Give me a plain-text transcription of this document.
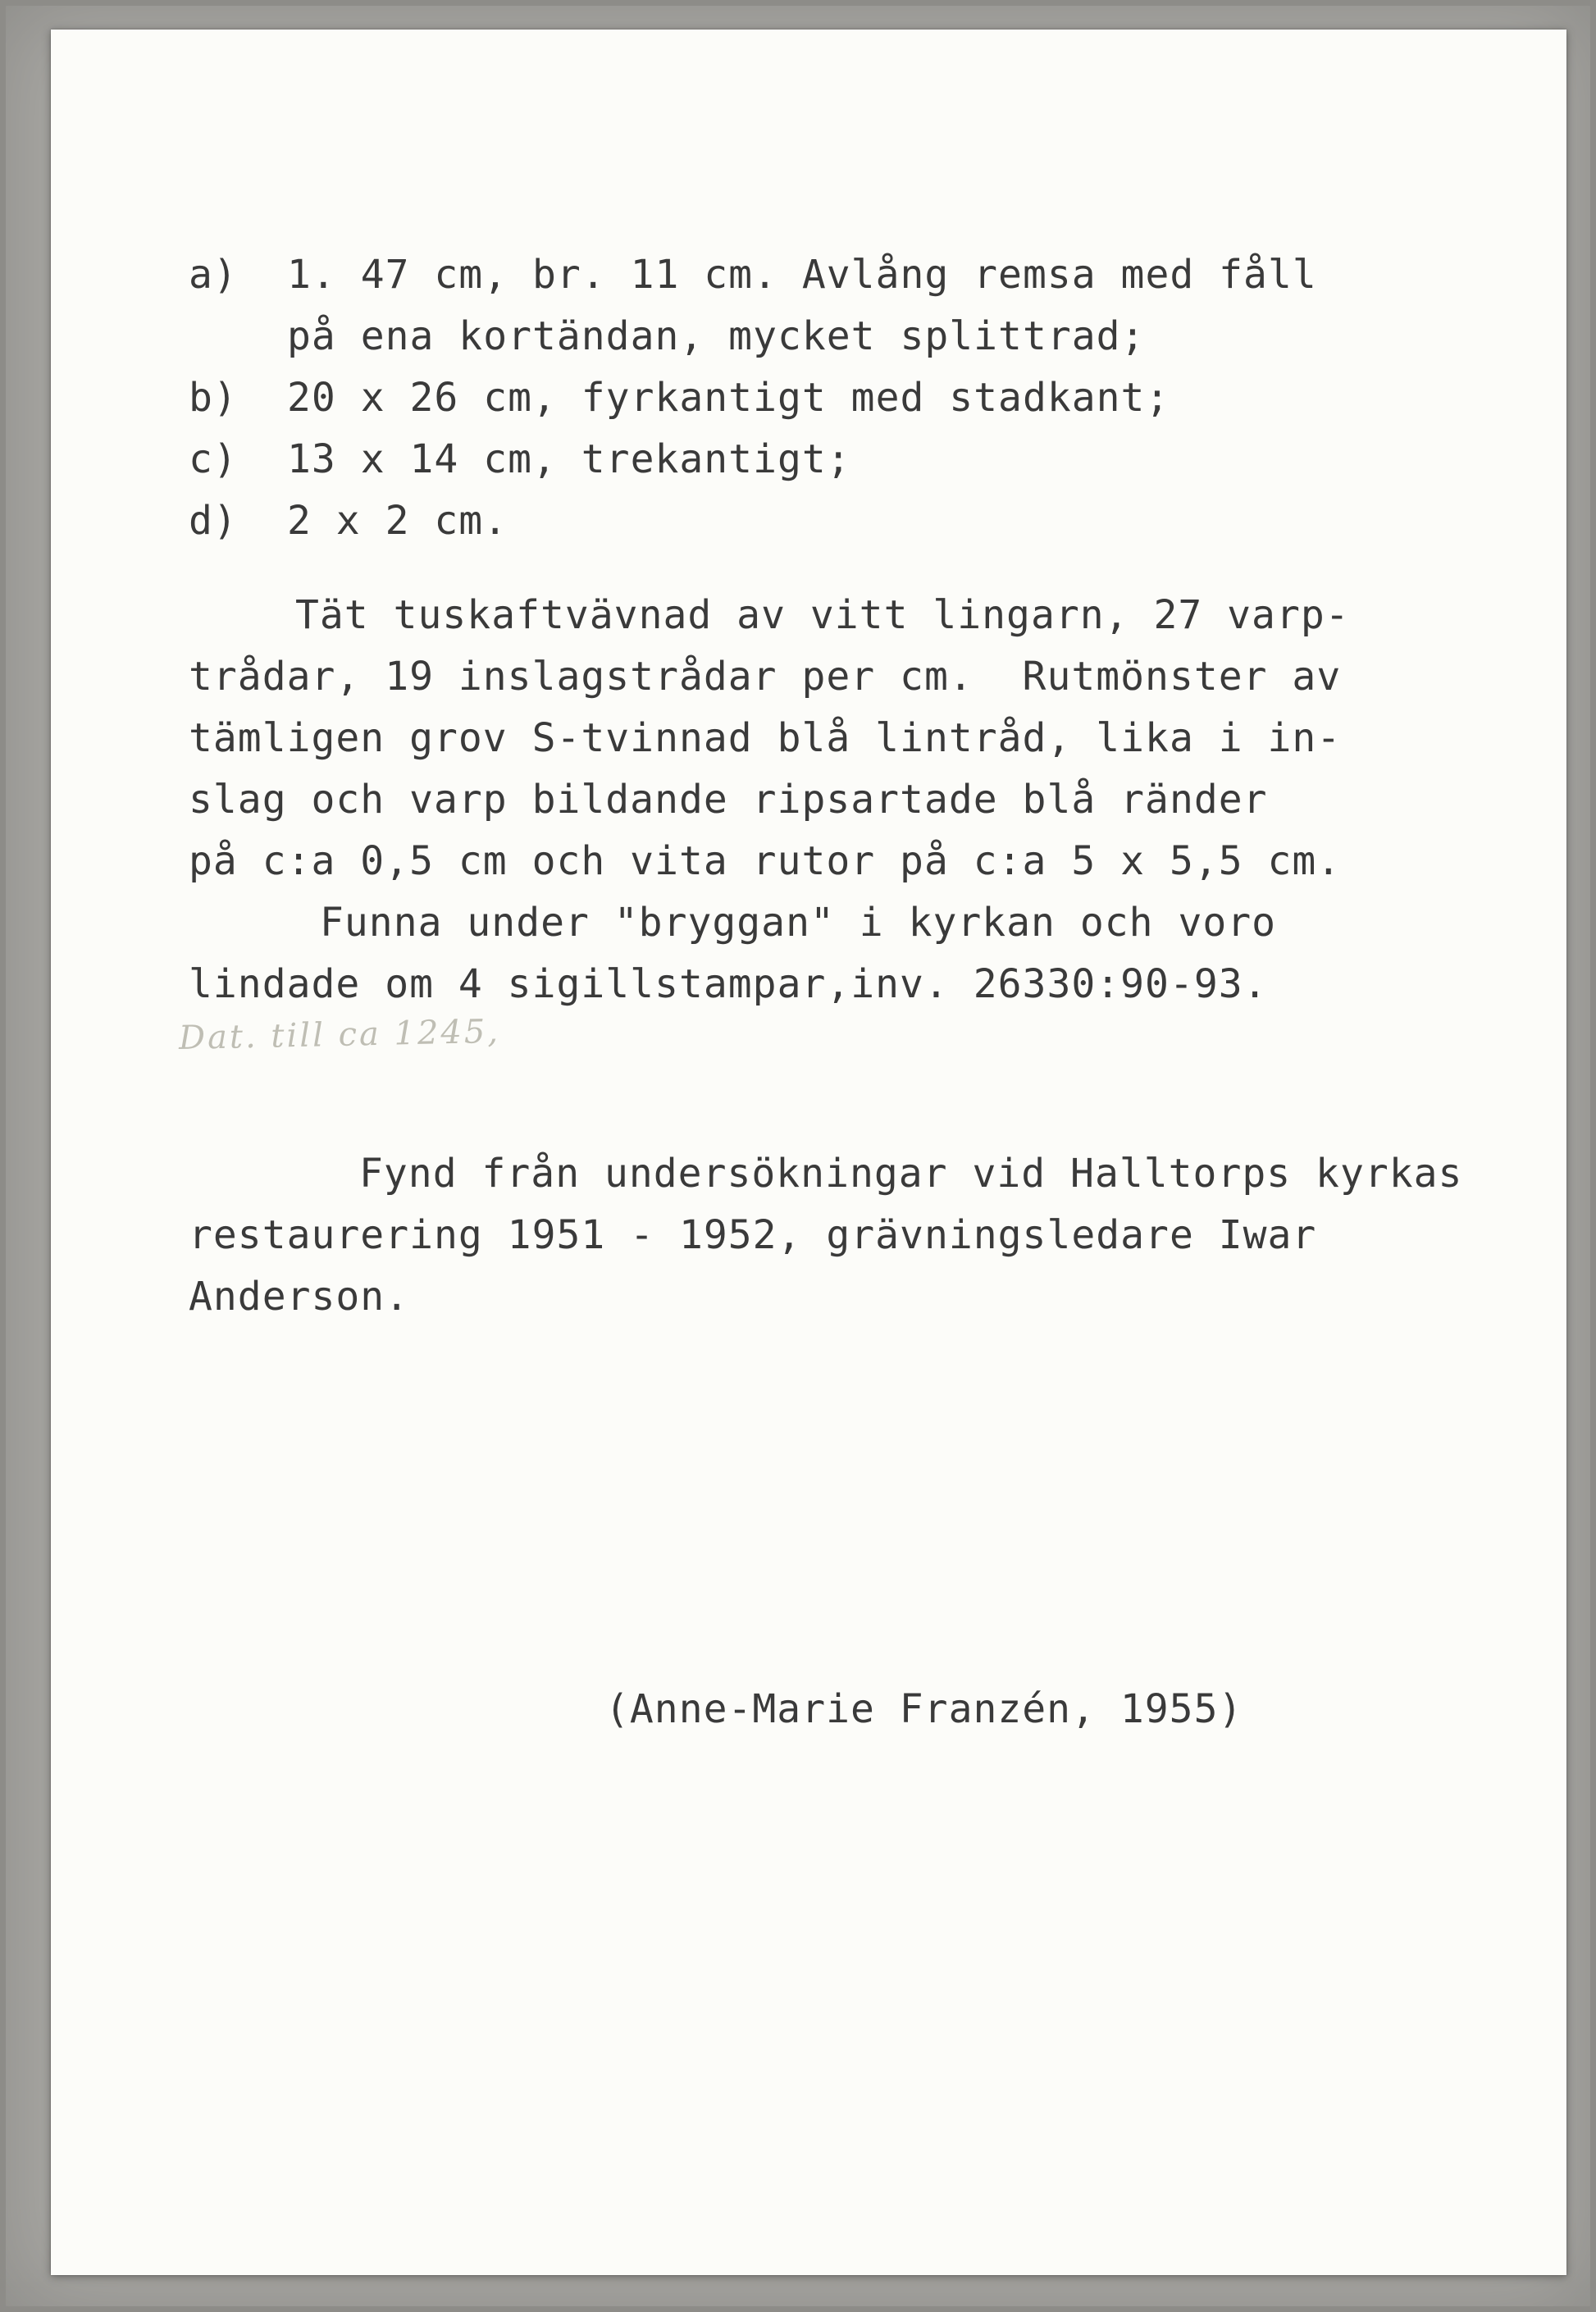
a)	1. 47 cm, br. 11 cm. Avlång remsa med fåll
på ena kortändan, mycket splittrad;
b)	20 x 26 cm, fyrkantigt med stadkant;
c)	13 x 14 cm, trekantigt;
d)	2 x 2 cm.
Tät tuskaftvävnad av vitt lingarn, 27 varp-
trådar, 19 inslagstrådar per cm.  Rutmönster av
tämligen grov S-tvinnad blå lintråd, lika i in-
slag och varp bildande ripsartade blå ränder
på c:a 0,5 cm och vita rutor på c:a 5 x 5,5 cm.
Funna under "bryggan" i kyrkan och voro
lindade om 4 sigillstampar,inv. 26330:90-93.
Dat. till ca 1245,
Fynd från undersökningar vid Halltorps kyrkas
restaurering 1951 - 1952, grävningsledare Iwar
Anderson.
(Anne-Marie Franzén, 1955)
